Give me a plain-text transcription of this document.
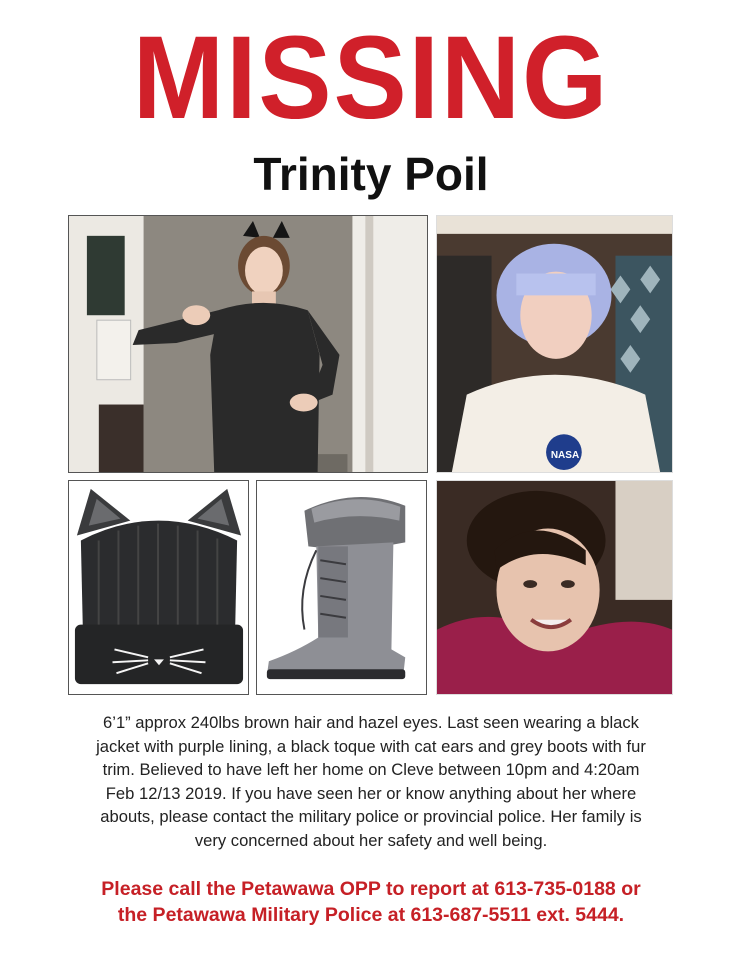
MISSING
Trinity Poil
NASA
6’1” approx 240lbs brown hair and hazel eyes. Last seen wearing a black
jacket with purple lining, a black toque with cat ears and grey boots with fur
trim. Believed to have left her home on Cleve between 10pm and 4:20am
Feb 12/13 2019. If you have seen her or know anything about her where
abouts, please contact the military police or provincial police. Her family is
very concerned about her safety and well being.
Please call the Petawawa OPP to report at 613-735-0188 or
the Petawawa Military Police at 613-687-5511 ext. 5444.
